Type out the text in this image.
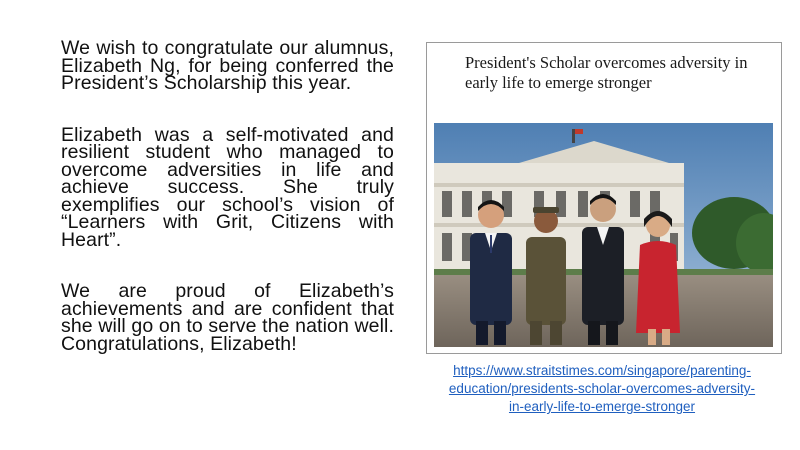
We wish to congratulate our alumnus, Elizabeth Ng, for being conferred the President’s Scholarship this year.

Elizabeth was a self-motivated and resilient student who managed to overcome adversities in life and achieve success. She truly exemplifies our school’s vision of “Learners with Grit, Citizens with Heart”.

We are proud of Elizabeth’s achievements and are confident that she will go on to serve the nation well. Congratulations, Elizabeth!

President's Scholar overcomes adversity in early life to emerge stronger
https://www.straitstimes.com/singapore/parenting-
education/presidents-scholar-overcomes-adversity-
in-early-life-to-emerge-stronger
